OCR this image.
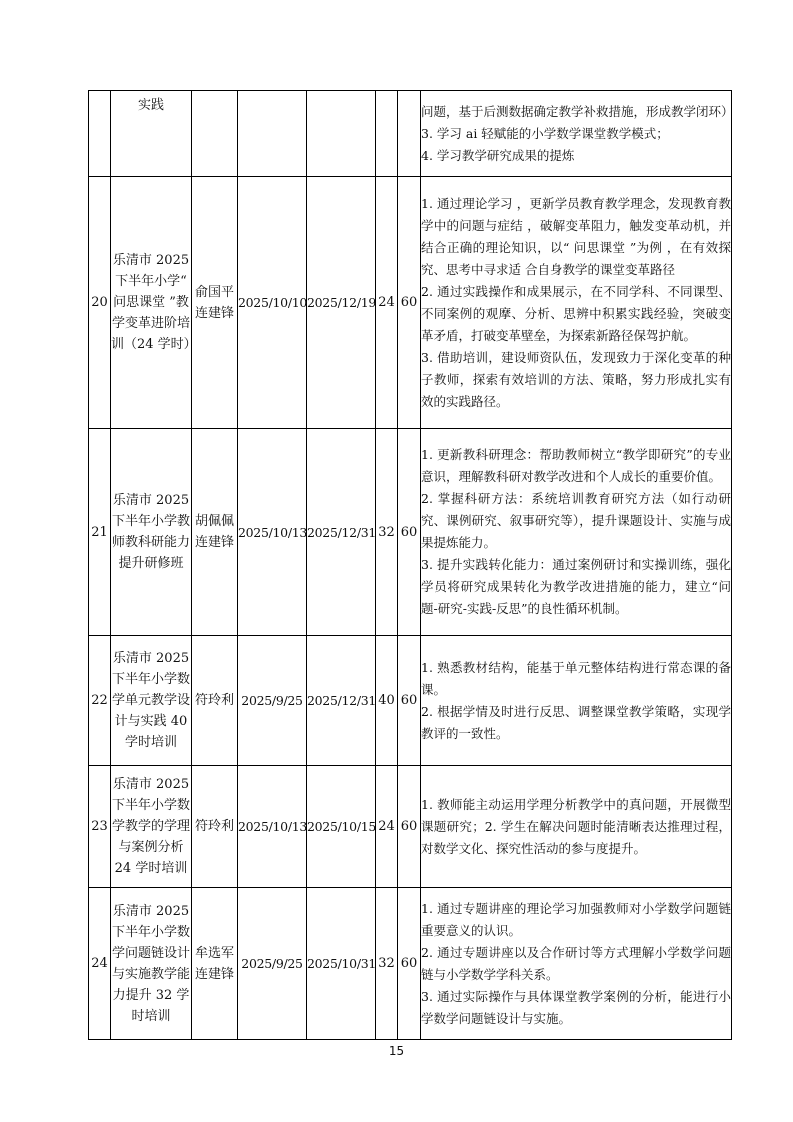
	实践						问题，基于后测数据确定教学补救措施，形成教学闭环）

3. 学习 ai 轻赋能的小学数学课堂教学模式；

4. 学习教学研究成果的提炼

20	乐清市 2025 下半年小学“ 问思课堂 ”教学变革进阶培训（24 学时）	俞国平 连建锋	2025/10/10	2025/12/19	24	60	1. 通过理论学习 ，更新学员教育教学理念，发现教育教学中的问题与症结 ，破解变革阻力，触发变革动机，并结合正确的理论知识，以“ 问思课堂 ”为例 ，在有效探究、思考中寻求适 合自身教学的课堂变革路径

2. 通过实践操作和成果展示，在不同学科、不同课型、不同案例的观摩、分析、思辨中积累实践经验，突破变革矛盾，打破变革壁垒，为探索新路径保驾护航。

3. 借助培训，建设师资队伍，发现致力于深化变革的种子教师，探索有效培训的方法、策略，努力形成扎实有效的实践路径。

21	乐清市 2025 下半年小学教师教科研能力提升研修班	胡佩佩 连建锋	2025/10/13	2025/12/31	32	60	1. 更新教科研理念：帮助教师树立“教学即研究”的专业意识，理解教科研对教学改进和个人成长的重要价值。

2. 掌握科研方法：系统培训教育研究方法（如行动研究、课例研究、叙事研究等），提升课题设计、实施与成果提炼能力。

3. 提升实践转化能力：通过案例研讨和实操训练，强化学员将研究成果转化为教学改进措施的能力，建立“问题-研究-实践-反思”的良性循环机制。

22	乐清市 2025 下半年小学数学单元教学设计与实践 40 学时培训	符玲利	2025/9/25	2025/12/31	40	60	1. 熟悉教材结构，能基于单元整体结构进行常态课的备课。

2. 根据学情及时进行反思、调整课堂教学策略，实现学教评的一致性。

23	乐清市 2025 下半年小学数学教学的学理与案例分析 24 学时培训	符玲利	2025/10/13	2025/10/15	24	60	1. 教师能主动运用学理分析教学中的真问题，开展微型课题研究；2. 学生在解决问题时能清晰表达推理过程，对数学文化、探究性活动的参与度提升。

24	乐清市 2025 下半年小学数学问题链设计与实施教学能力提升 32 学时培训	牟选军 连建锋	2025/9/25	2025/10/31	32	60	1. 通过专题讲座的理论学习加强教师对小学数学问题链重要意义的认识。

2. 通过专题讲座以及合作研讨等方式理解小学数学问题链与小学数学学科关系。

3. 通过实际操作与具体课堂教学案例的分析，能进行小学数学问题链设计与实施。

15
